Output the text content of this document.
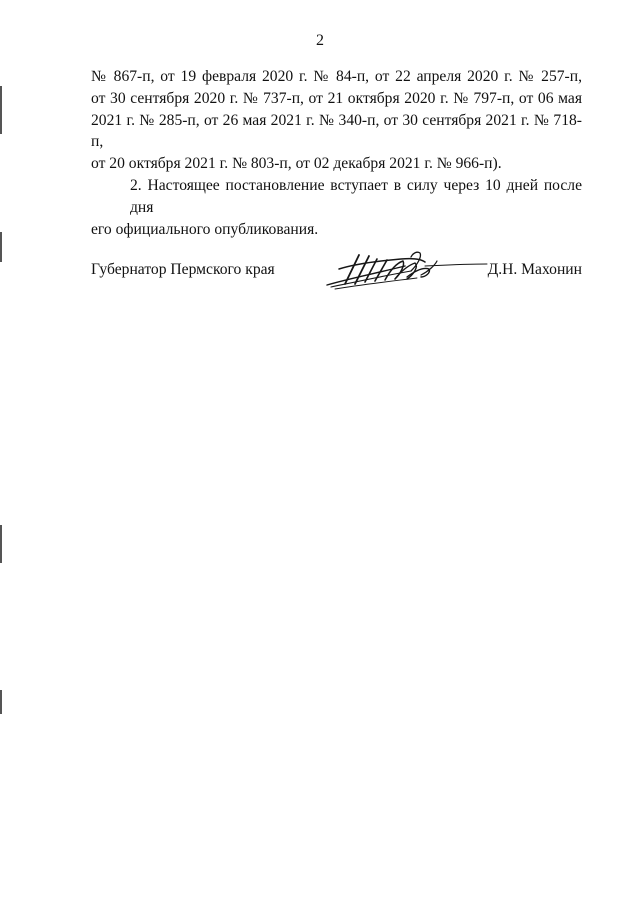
2
№ 867-п, от 19 февраля 2020 г. № 84-п, от 22 апреля 2020 г. № 257-п,
от 30 сентября 2020 г. № 737-п, от 21 октября 2020 г. № 797-п, от 06 мая
2021 г. № 285-п, от 26 мая 2021 г. № 340-п, от 30 сентября 2021 г. № 718-п,
от 20 октября 2021 г. № 803-п, от 02 декабря 2021 г. № 966-п).
2. Настоящее постановление вступает в силу через 10 дней после дня
его официального опубликования.
Губернатор Пермского края	Д.Н. Махонин
